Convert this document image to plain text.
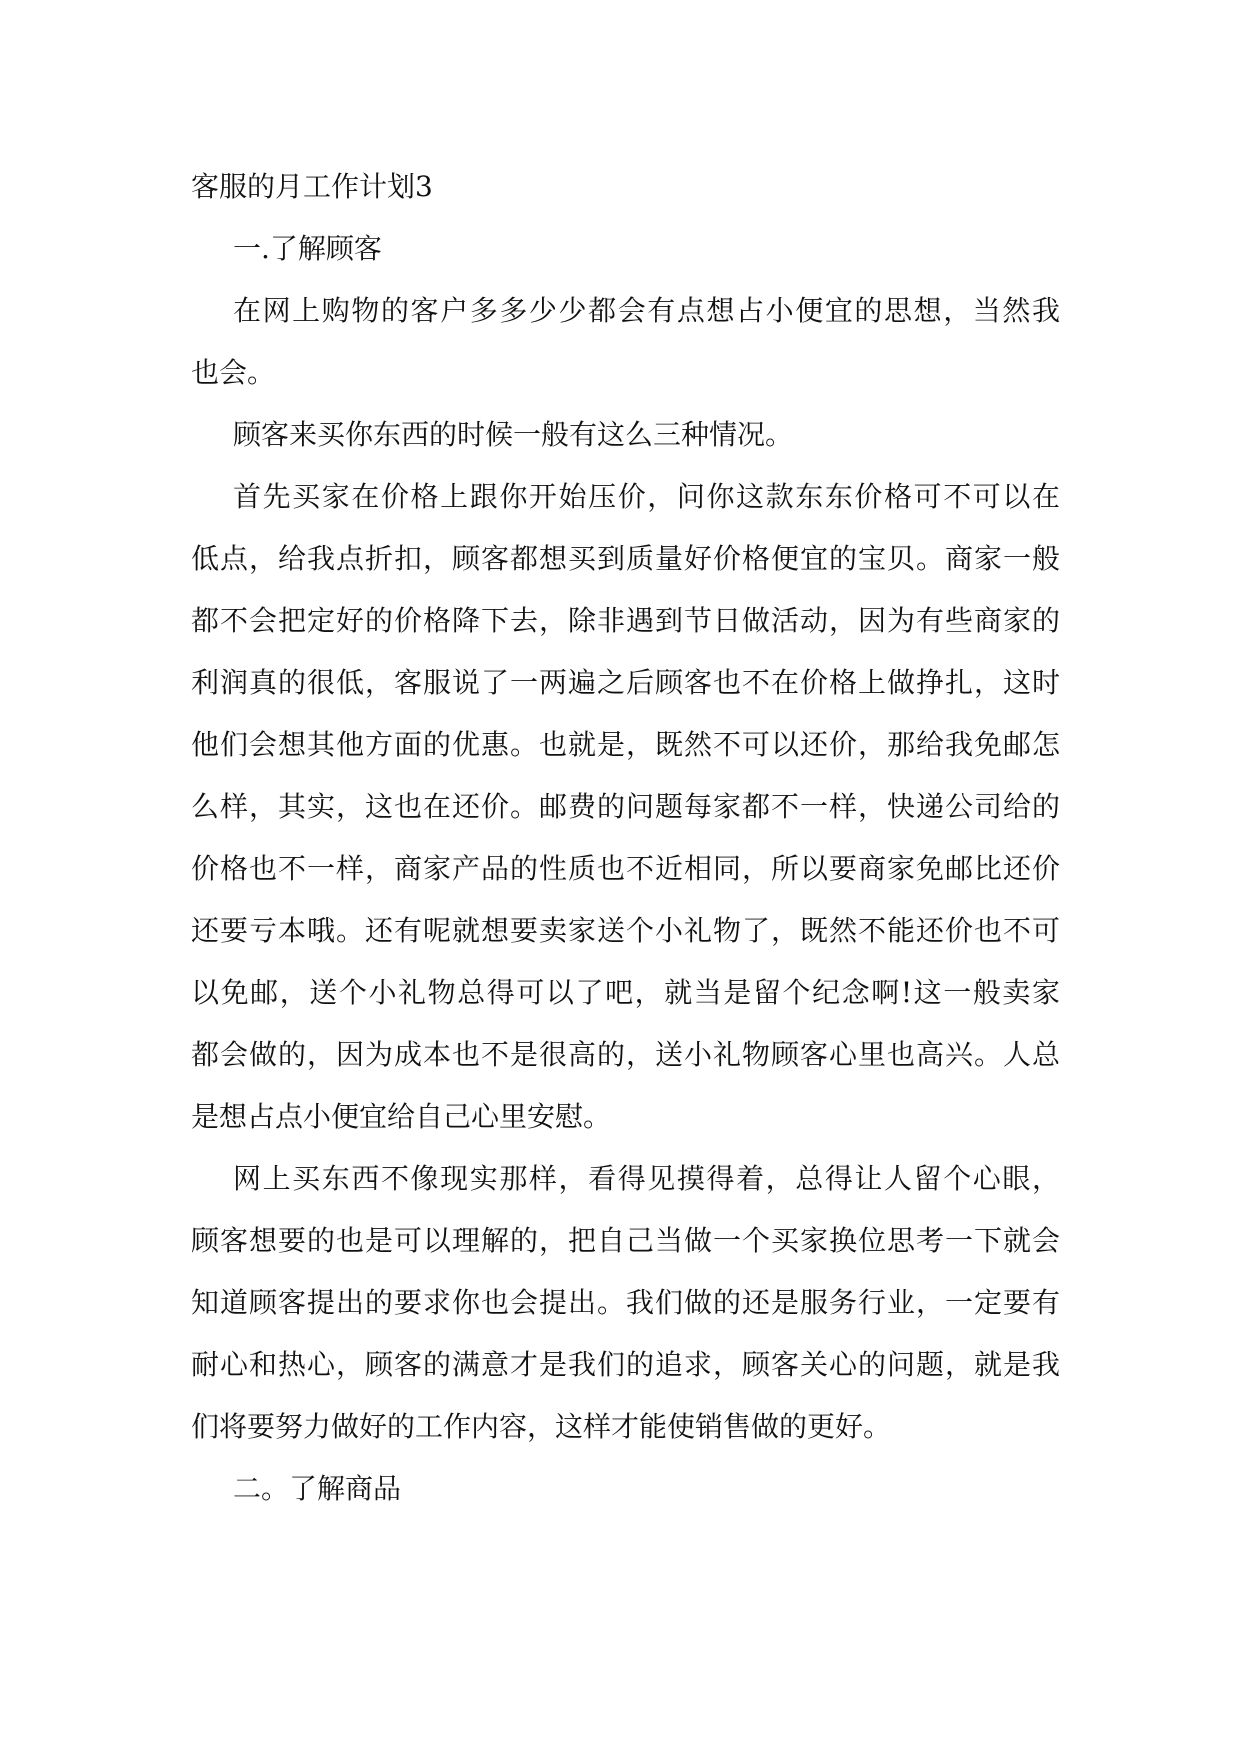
客服的月工作计划3

一.了解顾客

在网上购物的客户多多少少都会有点想占小便宜的思想，当然我
也会。

顾客来买你东西的时候一般有这么三种情况。

首先买家在价格上跟你开始压价，问你这款东东价格可不可以在
低点，给我点折扣，顾客都想买到质量好价格便宜的宝贝。商家一般
都不会把定好的价格降下去，除非遇到节日做活动，因为有些商家的
利润真的很低，客服说了一两遍之后顾客也不在价格上做挣扎，这时
他们会想其他方面的优惠。也就是，既然不可以还价，那给我免邮怎
么样，其实，这也在还价。邮费的问题每家都不一样，快递公司给的
价格也不一样，商家产品的性质也不近相同，所以要商家免邮比还价
还要亏本哦。还有呢就想要卖家送个小礼物了，既然不能还价也不可
以免邮，送个小礼物总得可以了吧，就当是留个纪念啊!这一般卖家
都会做的，因为成本也不是很高的，送小礼物顾客心里也高兴。人总
是想占点小便宜给自己心里安慰。

网上买东西不像现实那样，看得见摸得着，总得让人留个心眼，
顾客想要的也是可以理解的，把自己当做一个买家换位思考一下就会
知道顾客提出的要求你也会提出。我们做的还是服务行业，一定要有
耐心和热心，顾客的满意才是我们的追求，顾客关心的问题，就是我
们将要努力做好的工作内容，这样才能使销售做的更好。

二。了解商品
